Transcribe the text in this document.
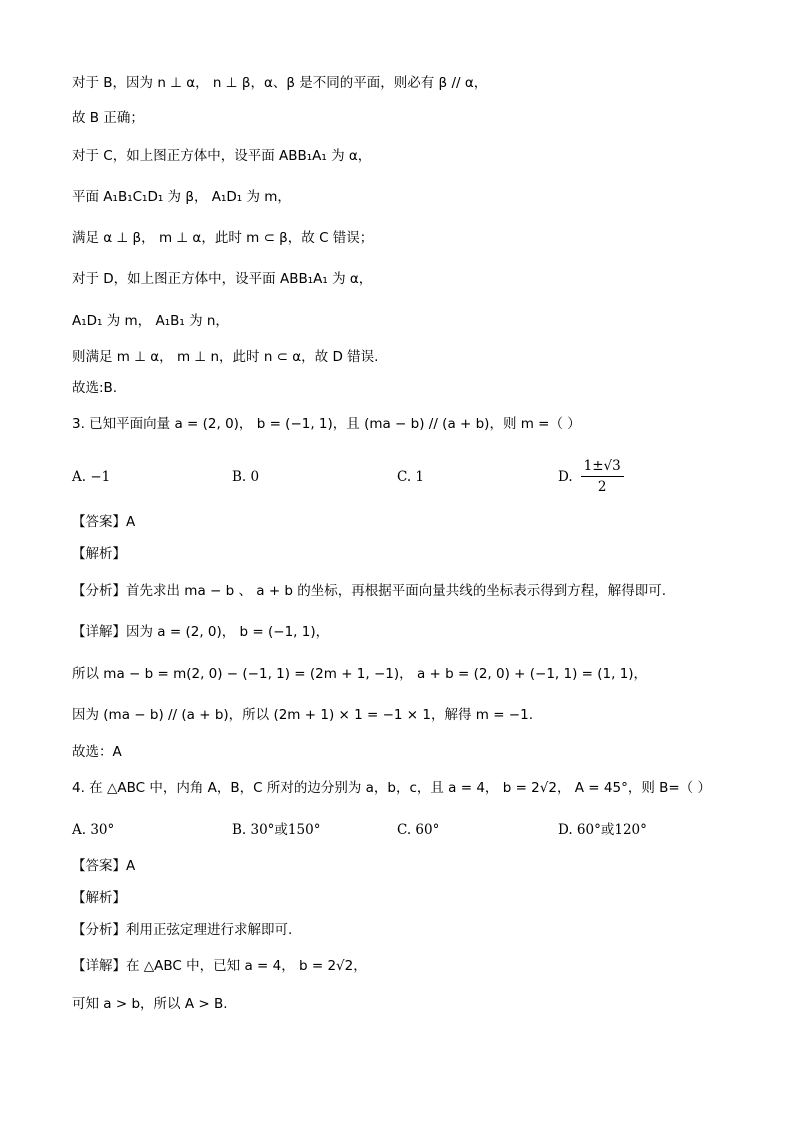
对于 B，因为 n ⊥ α， n ⊥ β，α、β 是不同的平面，则必有 β // α，
故 B 正确；
对于 C，如上图正方体中，设平面 ABB₁A₁ 为 α，
平面 A₁B₁C₁D₁ 为 β， A₁D₁ 为 m，
满足 α ⊥ β， m ⊥ α，此时 m ⊂ β，故 C 错误；
对于 D，如上图正方体中，设平面 ABB₁A₁ 为 α，
A₁D₁ 为 m， A₁B₁ 为 n，
则满足 m ⊥ α， m ⊥ n，此时 n ⊂ α，故 D 错误.
故选:B.
3. 已知平面向量 a = (2, 0)， b = (−1, 1)，且 (ma − b) // (a + b)，则 m =（ ）
A. −1	B. 0	C. 1	D. $\frac{1\pm√3}{2}$
【答案】A
【解析】
【分析】首先求出 ma − b 、 a + b 的坐标，再根据平面向量共线的坐标表示得到方程，解得即可.
【详解】因为 a = (2, 0)， b = (−1, 1)，
所以 ma − b = m(2, 0) − (−1, 1) = (2m + 1, −1)， a + b = (2, 0) + (−1, 1) = (1, 1)，
因为 (ma − b) // (a + b)，所以 (2m + 1) × 1 = −1 × 1，解得 m = −1.
故选：A
4. 在 △ABC 中，内角 A，B，C 所对的边分别为 a，b，c，且 a = 4， b = 2√2， A = 45°，则 B=（ ）
A. 30°	B. 30°或150°	C. 60°	D. 60°或120°
【答案】A
【解析】
【分析】利用正弦定理进行求解即可.
【详解】在 △ABC 中，已知 a = 4， b = 2√2，
可知 a > b，所以 A > B.
